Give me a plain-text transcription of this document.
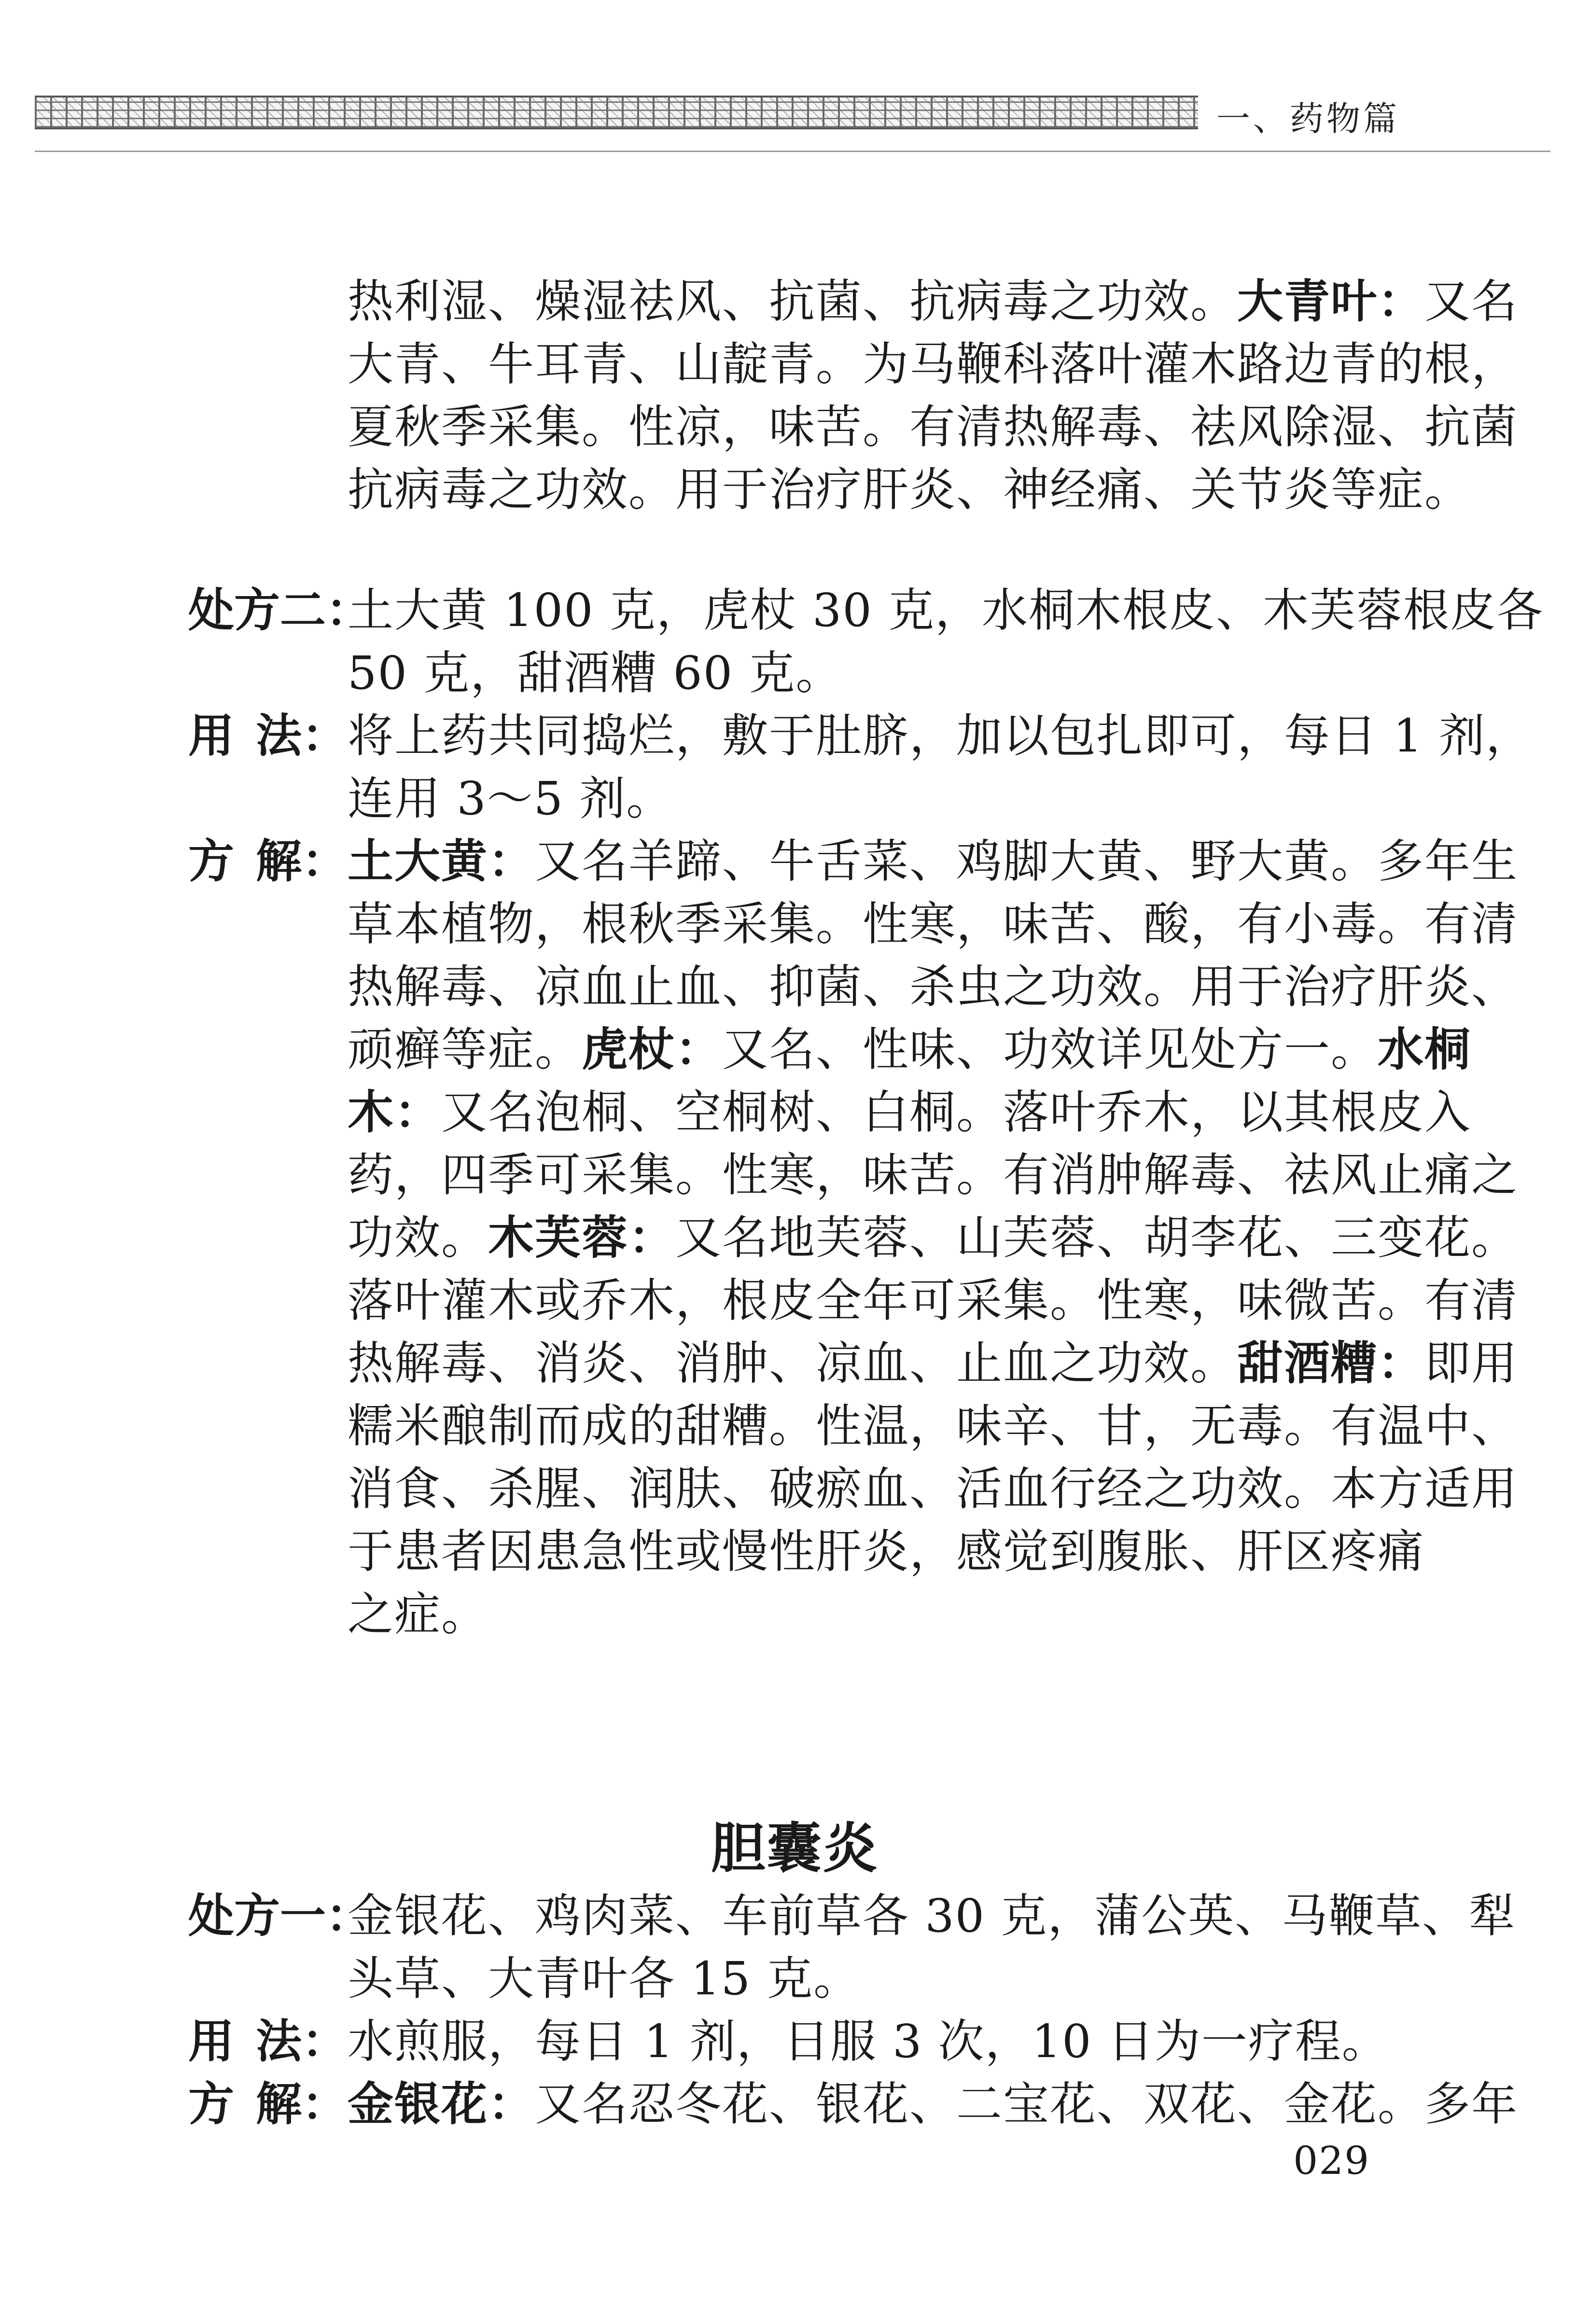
一、药物篇
热利湿、燥湿祛风、抗菌、抗病毒之功效。大青叶：又名
大青、牛耳青、山靛青。为马鞭科落叶灌木路边青的根，
夏秋季采集。性凉，味苦。有清热解毒、祛风除湿、抗菌
抗病毒之功效。用于治疗肝炎、神经痛、关节炎等症。
处方二：
土大黄 100 克，虎杖 30 克，水桐木根皮、木芙蓉根皮各
50 克，甜酒糟 60 克。
用 法： 将上药共同捣烂，敷于肚脐，加以包扎即可，每日 1 剂，
连用 3～5 剂。
方 解： 土大黄：又名羊蹄、牛舌菜、鸡脚大黄、野大黄。多年生
草本植物，根秋季采集。性寒，味苦、酸，有小毒。有清
热解毒、凉血止血、抑菌、杀虫之功效。用于治疗肝炎、
顽癣等症。虎杖：又名、性味、功效详见处方一。水桐
木：又名泡桐、空桐树、白桐。落叶乔木，以其根皮入
药，四季可采集。性寒，味苦。有消肿解毒、祛风止痛之
功效。木芙蓉：又名地芙蓉、山芙蓉、胡李花、三变花。
落叶灌木或乔木，根皮全年可采集。性寒，味微苦。有清
热解毒、消炎、消肿、凉血、止血之功效。甜酒糟：即用
糯米酿制而成的甜糟。性温，味辛、甘，无毒。有温中、
消食、杀腥、润肤、破瘀血、活血行经之功效。本方适用
于患者因患急性或慢性肝炎，感觉到腹胀、肝区疼痛
之症。
胆囊炎
处方一：
金银花、鸡肉菜、车前草各 30 克，蒲公英、马鞭草、犁
头草、大青叶各 15 克。
用 法： 水煎服，每日 1 剂，日服 3 次，10 日为一疗程。
方 解： 金银花：又名忍冬花、银花、二宝花、双花、金花。多年
029
